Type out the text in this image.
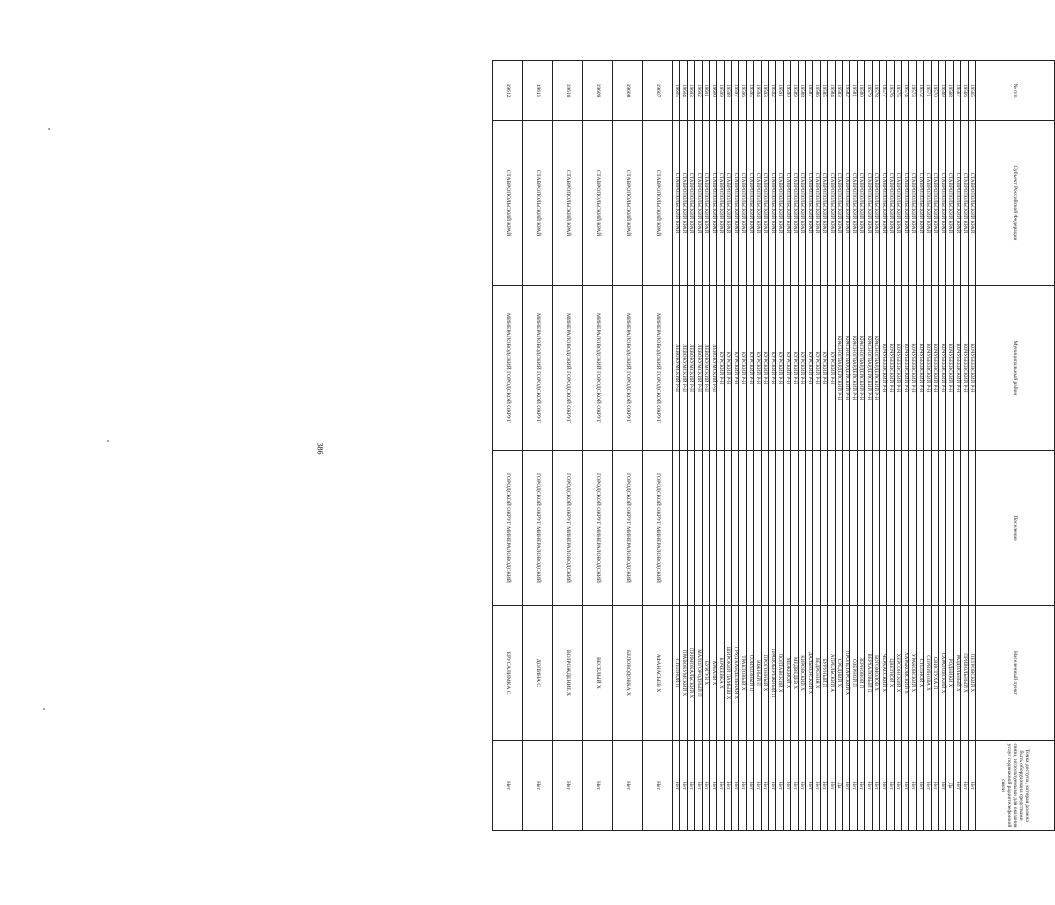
386
№ п/п	Субъект Российской Федерации	Муниципальный район	Поселение	Населенный пункт	Точка доступа, которая должна быть оборудована средствами связи, используемыми для оказания услуг подвижной радиотелефонной связи
19565	СТАВРОПОЛЬСКИЙ КРАЙ	КОЧУБЕЕВСКИЙ Р-Н		ПЕТРОВСКИЙ Х	Нет
19566	СТАВРОПОЛЬСКИЙ КРАЙ	КОЧУБЕЕВСКИЙ Р-Н		ПРИВОЛЬНЫЙ Х	Нет
19567	СТАВРОПОЛЬСКИЙ КРАЙ	КОЧУБЕЕВСКИЙ Р-Н		РАЗДОЛЬНЫЙ Х	Нет
19568	СТАВРОПОЛЬСКИЙ КРАЙ	КОЧУБЕЕВСКИЙ Р-Н		РОДНИКИ Х	Да
19569	СТАВРОПОЛЬСКИЙ КРАЙ	КОЧУБЕЕВСКИЙ Р-Н		САРАТОВСКИЙ Х	Нет
19570	СТАВРОПОЛЬСКИЙ КРАЙ	КОЧУБЕЕВСКИЙ Р-Н		СВИСТУХА П	Нет
19571	СТАВРОПОЛЬСКИЙ КРАЙ	КОЧУБЕЕВСКИЙ Р-Н		СОРВИНОВА Х	Нет
19572	СТАВРОПОЛЬСКИЙ КРАЙ	КОЧУБЕЕВСКИЙ Р-Н		СТЕПНОЙ Х	Нет
19573	СТАВРОПОЛЬСКИЙ КРАЙ	КОЧУБЕЕВСКИЙ Р-Н		УРАКОВСКИЙ Х	Нет
19574	СТАВРОПОЛЬСКИЙ КРАЙ	КОЧУБЕЕВСКИЙ Р-Н		ХАРЬКОВСКИЙ Х	Нет
19575	СТАВРОПОЛЬСКИЙ КРАЙ	КОЧУБЕЕВСКИЙ Р-Н		ХЕРСОНСКИЙ Х	Нет
19576	СТАВРОПОЛЬСКИЙ КРАЙ	КОЧУБЕЕВСКИЙ Р-Н		ЦВЕТНОЙ Х	Нет
19577	СТАВРОПОЛЬСКИЙ КРАЙ	КОЧУБЕЕВСКИЙ Р-Н		ЧЕРКАССКИЙ Х	Нет
19578	СТАВРОПОЛЬСКИЙ КРАЙ	КРАСНОГВАРДЕЙСКИЙ Р-Н		БОГОМОЛОВ Х	Нет
19579	СТАВРОПОЛЬСКИЙ КРАЙ	КРАСНОГВАРДЕЙСКИЙ Р-Н		ВЕРХАЛОВЫЙ П	Нет
19580	СТАВРОПОЛЬСКИЙ КРАЙ	КРАСНОГВАРДЕЙСКИЙ Р-Н		ЗЕРНОВОЙ П	Нет
19581	СТАВРОПОЛЬСКИЙ КРАЙ	КРАСНОГВАРДЕЙСКИЙ Р-Н		ОЗЕРНОЙ П	Нет
19582	СТАВРОПОЛЬСКИЙ КРАЙ	КРАСНОГВАРДЕЙСКИЙ Р-Н		ПРОЛЕТАРСКИЙ Х	Нет
19583	СТАВРОПОЛЬСКИЙ КРАЙ	КРАСНОГВАРДЕЙСКИЙ Р-Н		СРЕДНИЙ Х	Да
19584	СТАВРОПОЛЬСКИЙ КРАЙ	КУРСКИЙ Р-Н		АПРЕЛЬСКИЙ А	Нет
19585	СТАВРОПОЛЬСКИЙ КРАЙ	КУРСКИЙ Р-Н		БУРУНЫЙ П	Нет
19586	СТАВРОПОЛЬСКИЙ КРАЙ	КУРСКИЙ Р-Н		ВЕДРЕННЯ Х	Нет
19587	СТАВРОПОЛЬСКИЙ КРАЙ	КУРСКИЙ Р-Н		ДАЛЬНЕНСКИЙ Х	Нет
19588	СТАВРОПОЛЬСКИЙ КРАЙ	КУРСКИЙ Р-Н		КИРОВСКИЙ Х	Нет
19589	СТАВРОПОЛЬСКИЙ КРАЙ	КУРСКИЙ Р-Н		МЕДВЕДЕВ Х	Нет
19590	СТАВРОПОЛЬСКИЙ КРАЙ	КУРСКИЙ Р-Н		МЕЖЕВОЙ Х	Нет
19591	СТАВРОПОЛЬСКИЙ КРАЙ	КУРСКИЙ Р-Н		ПОЛТАВСКИЙ Х	Нет
19592	СТАВРОПОЛЬСКИЙ КРАЙ	КУРСКИЙ Р-Н		ПРАВОБЕРЕЖНЫЙ П	Нет
19593	СТАВРОПОЛЬСКИЙ КРАЙ	КУРСКИЙ Р-Н		ПРОГОННЫЙ Х	Нет
19594	СТАВРОПОЛЬСКИЙ КРАЙ	КУРСКИЙ Р-Н		ЮЖНЫЙ П	Нет
19595	СТАВРОПОЛЬСКИЙ КРАЙ	КУРСКИЙ Р-Н		СОВХОЗНЫЙ П	Нет
19596	СТАВРОПОЛЬСКИЙ КРАЙ	КУРСКИЙ Р-Н		ТРАКТОВЫЙ Х	Нет
19597	СТАВРОПОЛЬСКИЙ КРАЙ	КУРСКИЙ Р-Н		ГРУД КАНДЕЛЬНАЯ Х	Нет
19598	СТАВРОПОЛЬСКИЙ КРАЙ	КУРСКИЙ Р-Н		ШИРОКИЙ ЛАМЫШ Х	Нет
19599	СТАВРОПОЛЬСКИЙ КРАЙ	КУРСКИЙ Р-Н		КОЧЕЕВКА Х	Нет
19600	СТАВРОПОЛЬСКИЙ КРАЙ	ЛЕВОКУМСКИЙ Р-Н		АРБАЛИ Х	Нет
19601	СТАВРОПОЛЬСКИЙ КРАЙ	ЛЕВОКУМСКИЙ Р-Н		БУРГУН Х	Нет
19602	СТАВРОПОЛЬСКИЙ КРАЙ	ЛЕВОКУМСКИЙ Р-Н		МАЛОГОРОДНЫЙ П	Нет
19603	СТАВРОПОЛЬСКИЙ КРАЙ	ЛЕВОКУМСКИЙ Р-Н		ПРИМОКАЛЬСКИЙ Х	Нет
19604	СТАВРОПОЛЬСКИЙ КРАЙ	ЛЕВОКУМСКИЙ Р-Н		ПРАВОКУМСКИЙ Х	Нет
19605	СТАВРОПОЛЬСКИЙ КРАЙ	ЛЕВОКУМСКИЙ Р-Н		СТЕПНОЙ П	Нет
19607	СТАВРОПОЛЬСКИЙ КРАЙ	МИНЕРАЛОВОДСКИЙ ГОРОДСКОЙ ОКРУГ	ГОРОДСКОЙ ОКРУГ МИНЕРАЛОВОДСКИЙ	АФАНАСЬЕВ Х	Нет
19608	СТАВРОПОЛЬСКИЙ КРАЙ	МИНЕРАЛОВОДСКИЙ ГОРОДСКОЙ ОКРУГ	ГОРОДСКОЙ ОКРУГ МИНЕРАЛОВОДСКИЙ	БЕЛОВОДОВКА Х	Нет
19609	СТАВРОПОЛЬСКИЙ КРАЙ	МИНЕРАЛОВОДСКИЙ ГОРОДСКОЙ ОКРУГ	ГОРОДСКОЙ ОКРУГ МИНЕРАЛОВОДСКИЙ	ВЕСЕЛЫЙ Х	Нет
19610	СТАВРОПОЛЬСКИЙ КРАЙ	МИНЕРАЛОВОДСКИЙ ГОРОДСКОЙ ОКРУГ	ГОРОДСКОЙ ОКРУГ МИНЕРАЛОВОДСКИЙ	ВОЗРОЖДЕНИЕ Х	Нет
19611	СТАВРОПОЛЬСКИЙ КРАЙ	МИНЕРАЛОВОДСКИЙ ГОРОДСКОЙ ОКРУГ	ГОРОДСКОЙ ОКРУГ МИНЕРАЛОВОДСКИЙ	ДОЛИНА С	Нет
19612	СТАВРОПОЛЬСКИЙ КРАЙ	МИНЕРАЛОВОДСКИЙ ГОРОДСКОЙ ОКРУГ	ГОРОДСКОЙ ОКРУГ МИНЕРАЛОВОДСКИЙ	ЕРУСАЛИМКА С	Нет
